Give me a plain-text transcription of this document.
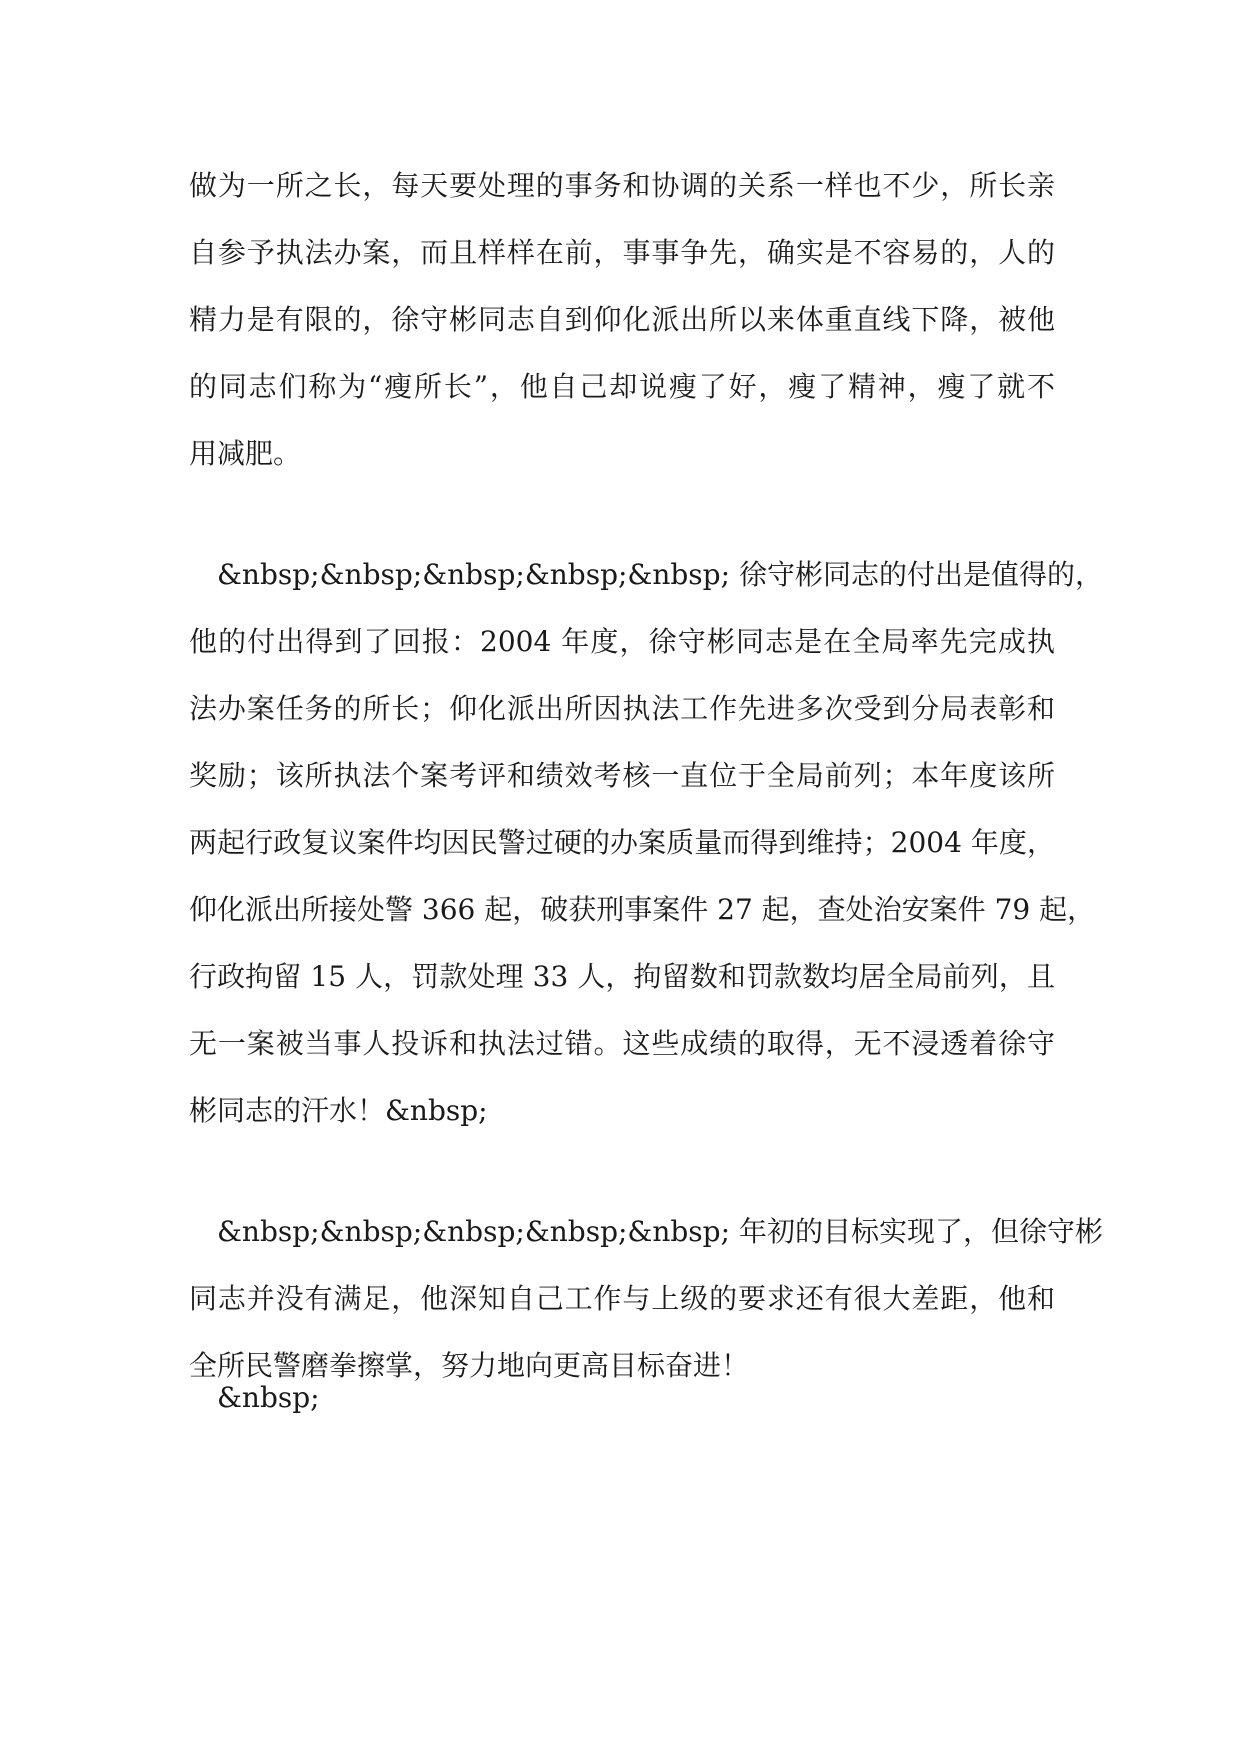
做为一所之长，每天要处理的事务和协调的关系一样也不少，所长亲
自参予执法办案，而且样样在前，事事争先，确实是不容易的，人的
精力是有限的，徐守彬同志自到仰化派出所以来体重直线下降，被他
的同志们称为“瘦所长”，他自己却说瘦了好，瘦了精神，瘦了就不
用减肥。
&nbsp;&nbsp;&nbsp;&nbsp;&nbsp; 徐守彬同志的付出是值得的，
他的付出得到了回报：2004 年度，徐守彬同志是在全局率先完成执
法办案任务的所长；仰化派出所因执法工作先进多次受到分局表彰和
奖励；该所执法个案考评和绩效考核一直位于全局前列；本年度该所
两起行政复议案件均因民警过硬的办案质量而得到维持；2004 年度，
仰化派出所接处警 366 起，破获刑事案件 27 起，查处治安案件 79 起，
行政拘留 15 人，罚款处理 33 人，拘留数和罚款数均居全局前列，且
无一案被当事人投诉和执法过错。这些成绩的取得，无不浸透着徐守
彬同志的汗水！&nbsp;
&nbsp;&nbsp;&nbsp;&nbsp;&nbsp; 年初的目标实现了，但徐守彬
同志并没有满足，他深知自己工作与上级的要求还有很大差距，他和
全所民警磨拳擦掌，努力地向更高目标奋进！
&nbsp;
